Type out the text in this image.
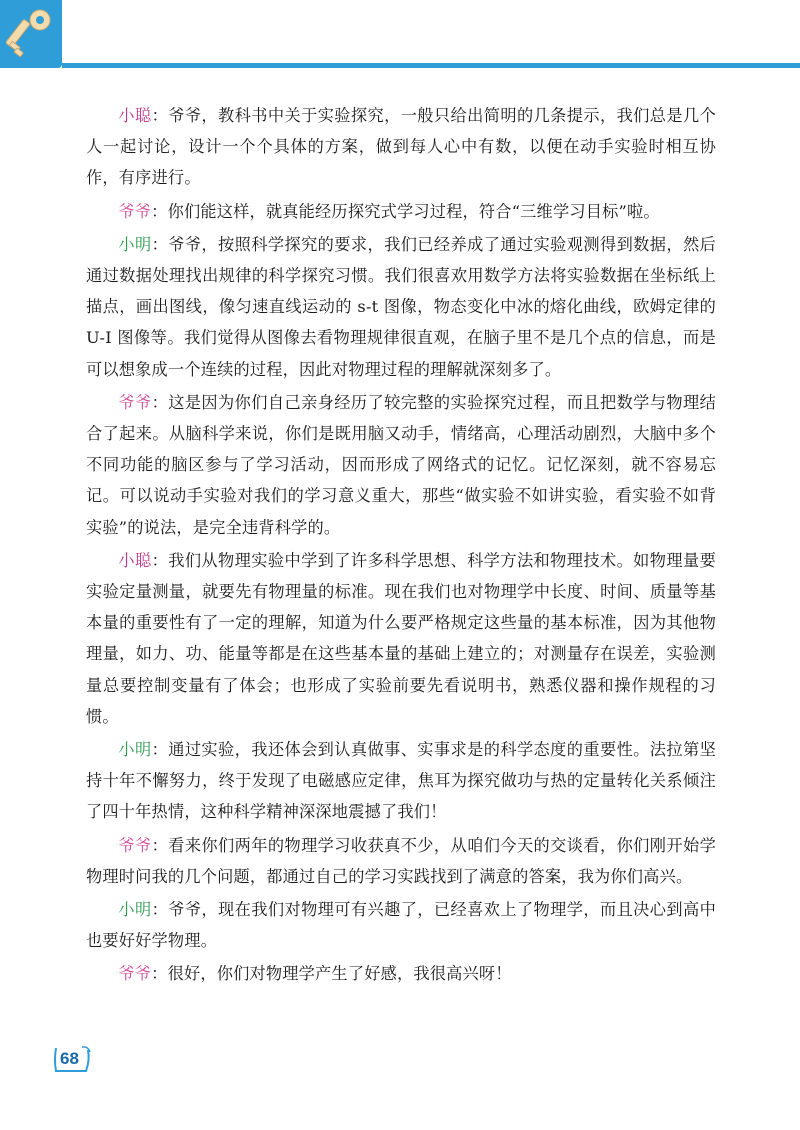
小聪：爷爷，教科书中关于实验探究，一般只给出简明的几条提示，我们总是几个人一起讨论，设计一个个具体的方案，做到每人心中有数，以便在动手实验时相互协作，有序进行。

爷爷：你们能这样，就真能经历探究式学习过程，符合“三维学习目标”啦。

小明：爷爷，按照科学探究的要求，我们已经养成了通过实验观测得到数据，然后通过数据处理找出规律的科学探究习惯。我们很喜欢用数学方法将实验数据在坐标纸上描点，画出图线，像匀速直线运动的 s-t 图像，物态变化中冰的熔化曲线，欧姆定律的 U-I 图像等。我们觉得从图像去看物理规律很直观，在脑子里不是几个点的信息，而是可以想象成一个连续的过程，因此对物理过程的理解就深刻多了。

爷爷：这是因为你们自己亲身经历了较完整的实验探究过程，而且把数学与物理结合了起来。从脑科学来说，你们是既用脑又动手，情绪高，心理活动剧烈，大脑中多个不同功能的脑区参与了学习活动，因而形成了网络式的记忆。记忆深刻，就不容易忘记。可以说动手实验对我们的学习意义重大，那些“做实验不如讲实验，看实验不如背实验”的说法，是完全违背科学的。

小聪：我们从物理实验中学到了许多科学思想、科学方法和物理技术。如物理量要实验定量测量，就要先有物理量的标准。现在我们也对物理学中长度、时间、质量等基本量的重要性有了一定的理解，知道为什么要严格规定这些量的基本标准，因为其他物理量，如力、功、能量等都是在这些基本量的基础上建立的；对测量存在误差，实验测量总要控制变量有了体会；也形成了实验前要先看说明书，熟悉仪器和操作规程的习惯。

小明：通过实验，我还体会到认真做事、实事求是的科学态度的重要性。法拉第坚持十年不懈努力，终于发现了电磁感应定律，焦耳为探究做功与热的定量转化关系倾注了四十年热情，这种科学精神深深地震撼了我们！

爷爷：看来你们两年的物理学习收获真不少，从咱们今天的交谈看，你们刚开始学物理时问我的几个问题，都通过自己的学习实践找到了满意的答案，我为你们高兴。

小明：爷爷，现在我们对物理可有兴趣了，已经喜欢上了物理学，而且决心到高中也要好好学物理。

爷爷：很好，你们对物理学产生了好感，我很高兴呀！

68
